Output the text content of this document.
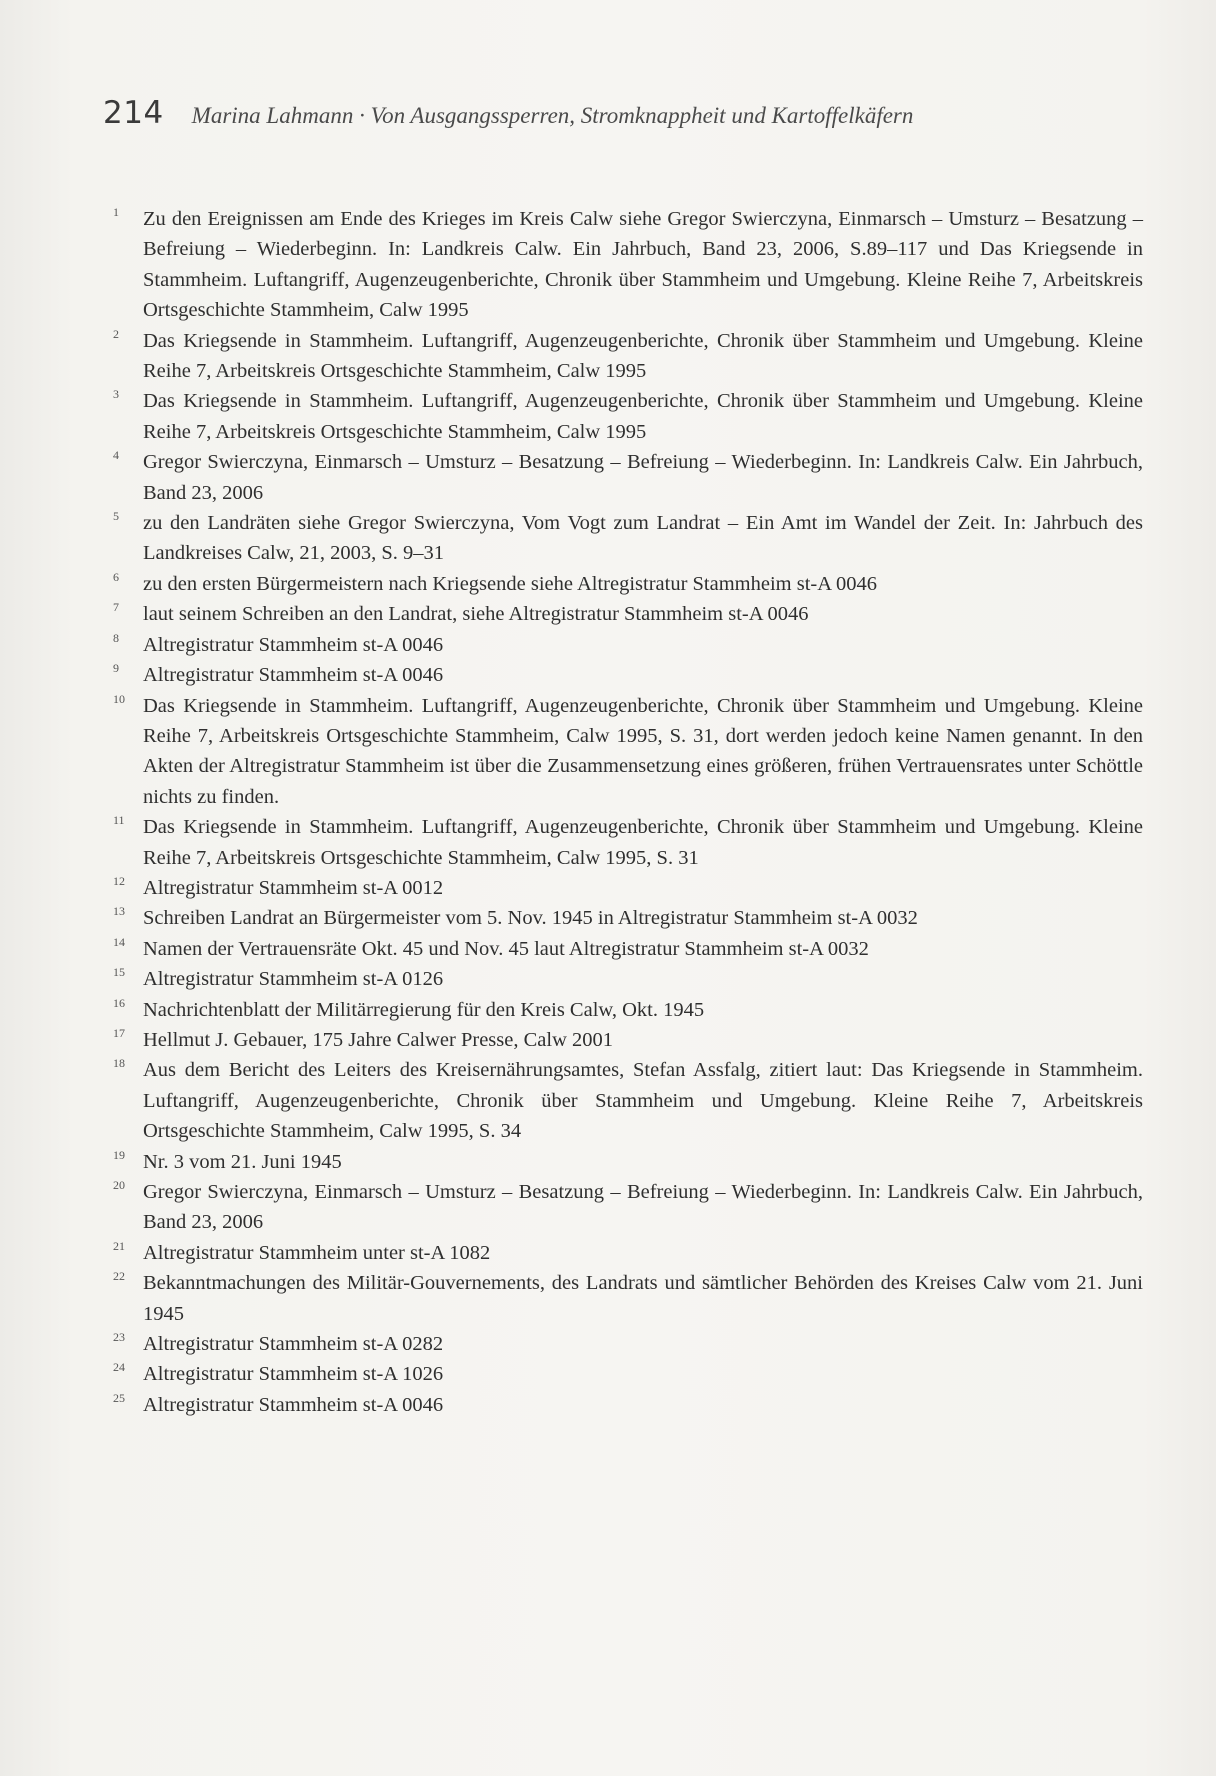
214 Marina Lahmann · Von Ausgangssperren, Stromknappheit und Kartoffelkäfern
1	Zu den Ereignissen am Ende des Krieges im Kreis Calw siehe Gregor Swierczyna, Einmarsch – Umsturz – Besatzung – Befreiung – Wiederbeginn. In: Landkreis Calw. Ein Jahrbuch, Band 23, 2006, S.89–117 und Das Kriegsende in Stammheim. Luftangriff, Augenzeugenberichte, Chronik über Stammheim und Umgebung. Kleine Reihe 7, Arbeitskreis Ortsgeschichte Stammheim, Calw 1995
2	Das Kriegsende in Stammheim. Luftangriff, Augenzeugenberichte, Chronik über Stammheim und Umgebung. Kleine Reihe 7, Arbeitskreis Ortsgeschichte Stammheim, Calw 1995
3	Das Kriegsende in Stammheim. Luftangriff, Augenzeugenberichte, Chronik über Stammheim und Umgebung. Kleine Reihe 7, Arbeitskreis Ortsgeschichte Stammheim, Calw 1995
4	Gregor Swierczyna, Einmarsch – Umsturz – Besatzung – Befreiung – Wiederbeginn. In: Landkreis Calw. Ein Jahrbuch, Band 23, 2006
5	zu den Landräten siehe Gregor Swierczyna, Vom Vogt zum Landrat – Ein Amt im Wandel der Zeit. In: Jahrbuch des Landkreises Calw, 21, 2003, S. 9–31
6	zu den ersten Bürgermeistern nach Kriegsende siehe Altregistratur Stammheim st-A 0046
7	laut seinem Schreiben an den Landrat, siehe Altregistratur Stammheim st-A 0046
8	Altregistratur Stammheim st-A 0046
9	Altregistratur Stammheim st-A 0046
10 Das Kriegsende in Stammheim. Luftangriff, Augenzeugenberichte, Chronik über Stammheim und Umgebung. Kleine Reihe 7, Arbeitskreis Ortsgeschichte Stammheim, Calw 1995, S. 31, dort werden jedoch keine Namen genannt. In den Akten der Altregistratur Stammheim ist über die Zusammensetzung eines größeren, frühen Vertrauensrates unter Schöttle nichts zu finden.
11 Das Kriegsende in Stammheim. Luftangriff, Augenzeugenberichte, Chronik über Stammheim und Umgebung. Kleine Reihe 7, Arbeitskreis Ortsgeschichte Stammheim, Calw 1995, S. 31
12 Altregistratur Stammheim st-A 0012
13 Schreiben Landrat an Bürgermeister vom 5. Nov. 1945 in Altregistratur Stammheim st-A 0032
14 Namen der Vertrauensräte Okt. 45 und Nov. 45 laut Altregistratur Stammheim st-A 0032
15 Altregistratur Stammheim st-A 0126
16 Nachrichtenblatt der Militärregierung für den Kreis Calw, Okt. 1945
17 Hellmut J. Gebauer, 175 Jahre Calwer Presse, Calw 2001
18 Aus dem Bericht des Leiters des Kreisernährungsamtes, Stefan Assfalg, zitiert laut: Das Kriegsende in Stammheim. Luftangriff, Augenzeugenberichte, Chronik über Stammheim und Umgebung. Kleine Reihe 7, Arbeitskreis Ortsgeschichte Stammheim, Calw 1995, S. 34
19 Nr. 3 vom 21. Juni 1945
20 Gregor Swierczyna, Einmarsch – Umsturz – Besatzung – Befreiung – Wiederbeginn. In: Landkreis Calw. Ein Jahrbuch, Band 23, 2006
21 Altregistratur Stammheim unter st-A 1082
22 Bekanntmachungen des Militär-Gouvernements, des Landrats und sämtlicher Behörden des Kreises Calw vom 21. Juni 1945
23 Altregistratur Stammheim st-A 0282
24 Altregistratur Stammheim st-A 1026
25 Altregistratur Stammheim st-A 0046
